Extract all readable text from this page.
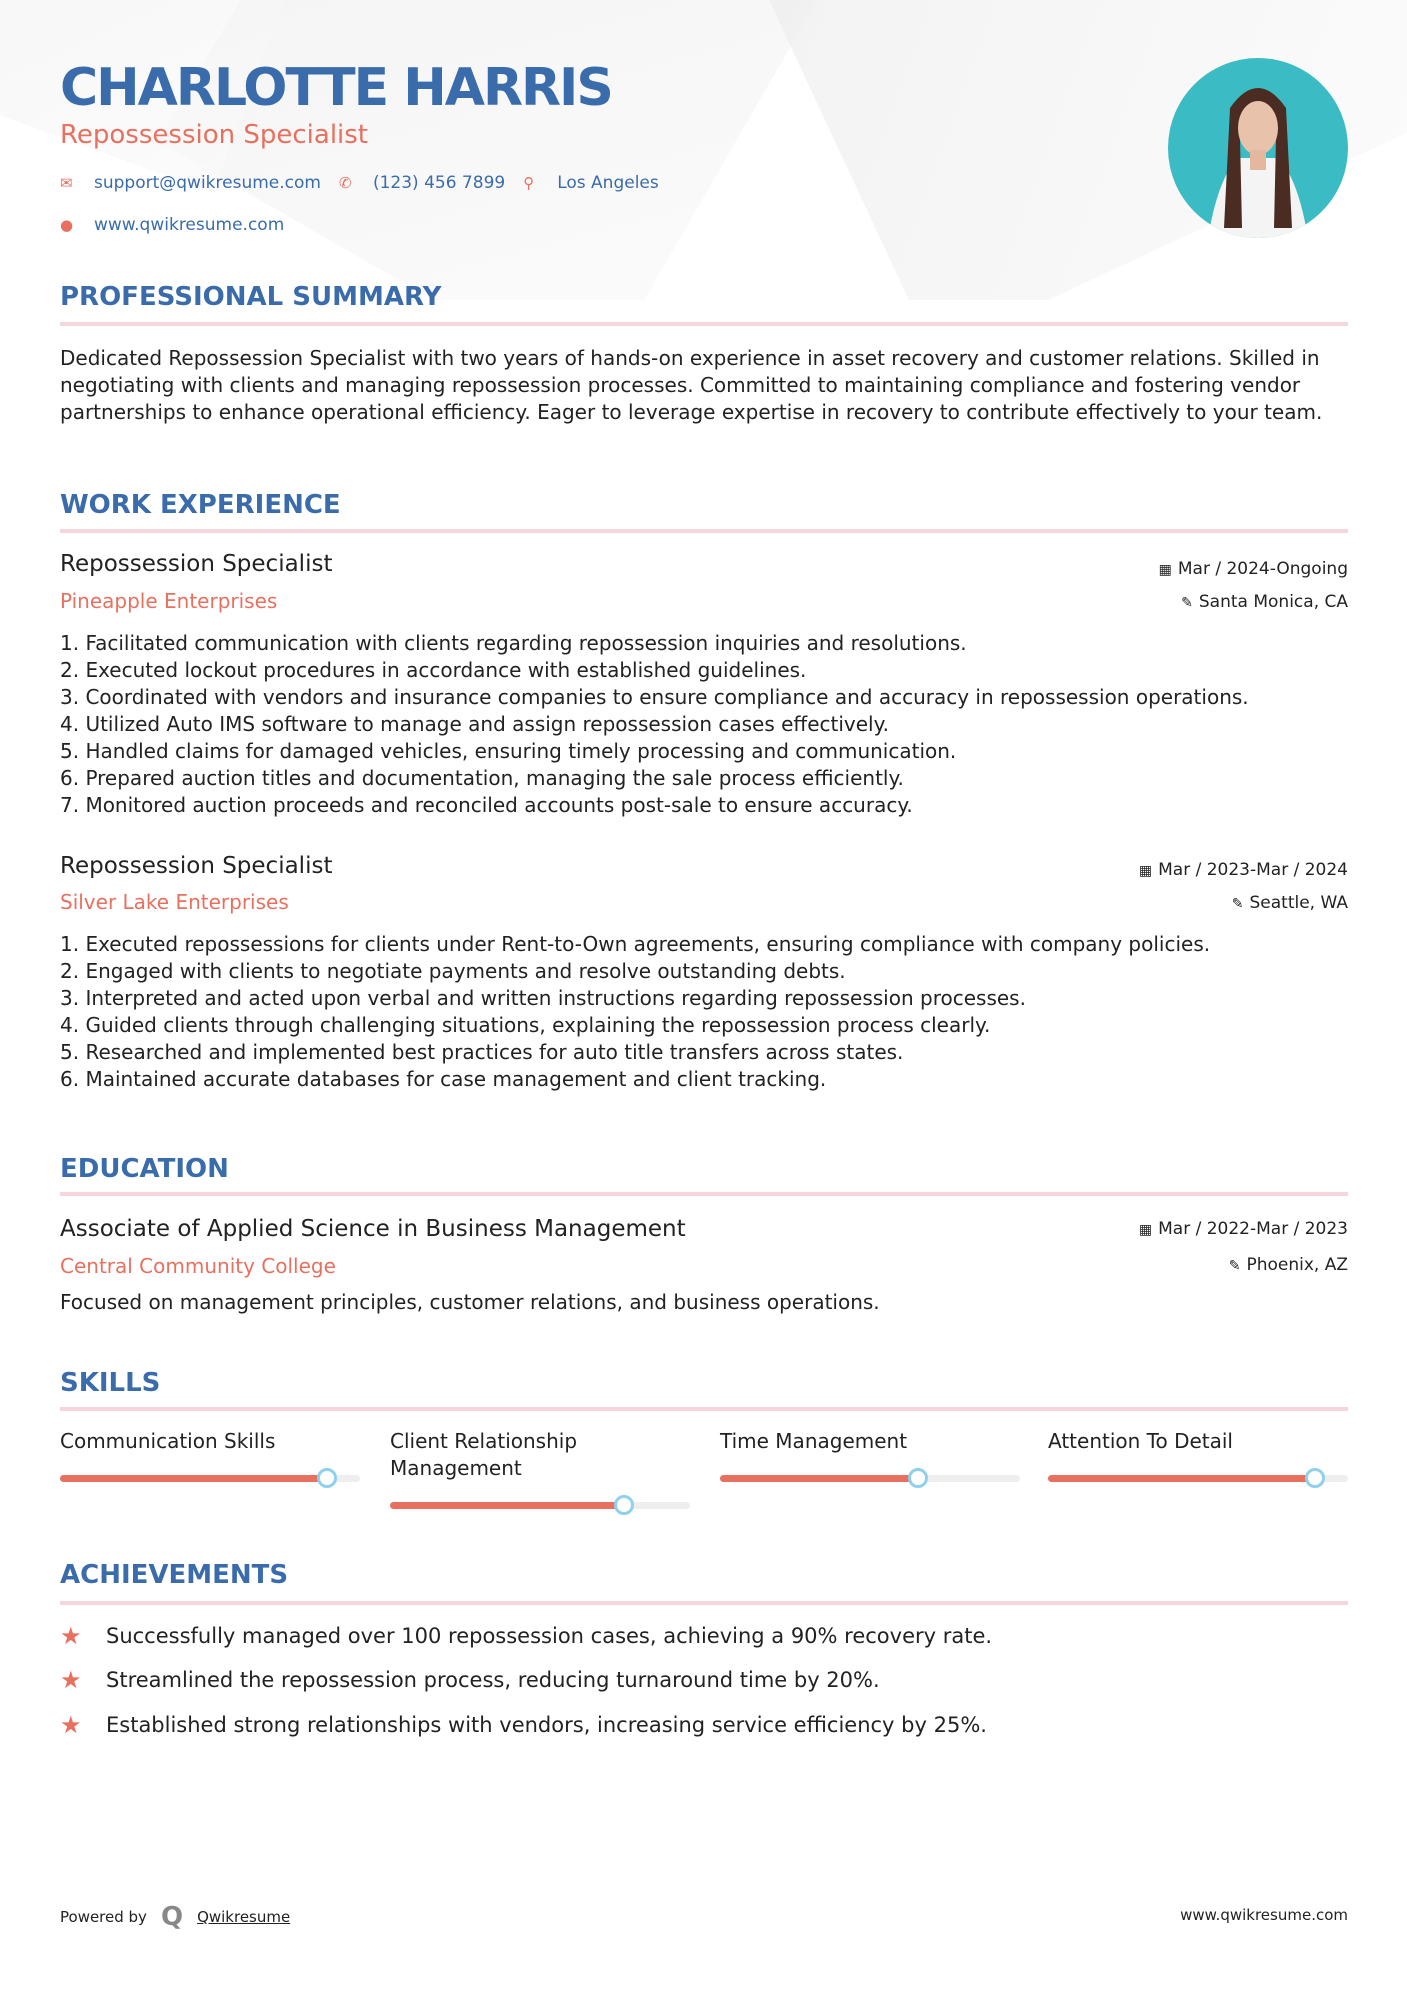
CHARLOTTE HARRIS
Repossession Specialist
✉	support@qwikresume.com ✆	(123) 456 7899 ⚲	Los Angeles
●	www.qwikresume.com
PROFESSIONAL SUMMARY
Dedicated Repossession Specialist with two years of hands-on experience in asset recovery and customer relations. Skilled in negotiating with clients and managing repossession processes. Committed to maintaining compliance and fostering vendor partnerships to enhance operational efficiency. Eager to leverage expertise in recovery to contribute effectively to your team.
WORK EXPERIENCE
Repossession Specialist
Pineapple Enterprises
▦ Mar / 2024-Ongoing
✎ Santa Monica, CA
1. Facilitated communication with clients regarding repossession inquiries and resolutions.
2. Executed lockout procedures in accordance with established guidelines.
3. Coordinated with vendors and insurance companies to ensure compliance and accuracy in repossession operations.
4. Utilized Auto IMS software to manage and assign repossession cases effectively.
5. Handled claims for damaged vehicles, ensuring timely processing and communication.
6. Prepared auction titles and documentation, managing the sale process efficiently.
7. Monitored auction proceeds and reconciled accounts post-sale to ensure accuracy.
Repossession Specialist
Silver Lake Enterprises
▦ Mar / 2023-Mar / 2024
✎ Seattle, WA
1. Executed repossessions for clients under Rent-to-Own agreements, ensuring compliance with company policies.
2. Engaged with clients to negotiate payments and resolve outstanding debts.
3. Interpreted and acted upon verbal and written instructions regarding repossession processes.
4. Guided clients through challenging situations, explaining the repossession process clearly.
5. Researched and implemented best practices for auto title transfers across states.
6. Maintained accurate databases for case management and client tracking.
EDUCATION
Associate of Applied Science in Business Management
Central Community College
▦ Mar / 2022-Mar / 2023
✎ Phoenix, AZ
Focused on management principles, customer relations, and business operations.
SKILLS
Communication Skills	Client Relationship Management
Time Management	Attention To Detail
ACHIEVEMENTS
★	Successfully managed over 100 repossession cases, achieving a 90% recovery rate.
★	Streamlined the repossession process, reducing turnaround time by 20%.
★	Established strong relationships with vendors, increasing service efficiency by 25%.
Powered by Q Qwikresume	www.qwikresume.com
